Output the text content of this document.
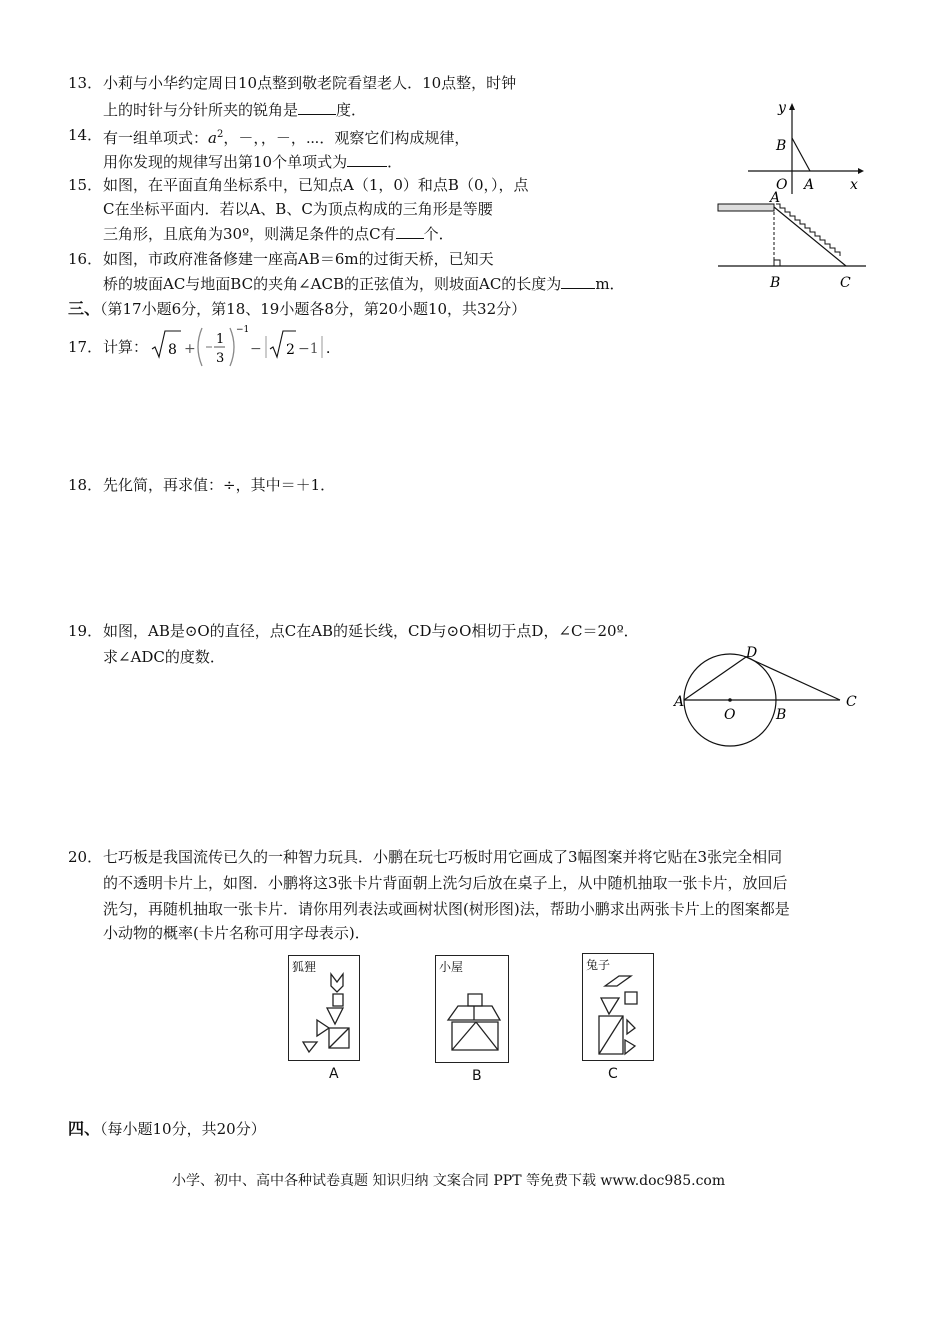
13． 小莉与小华约定周日10点整到敬老院看望老人．10点整，时钟
上的时针与分针所夹的锐角是	度．
14． 有一组单项式：$a^2$，－，，－，⋯．观察它们构成规律，
用你发现的规律写出第10个单项式为	．
15． 如图，在平面直角坐标系中，已知点A（1，0）和点B（0，），点
C在坐标平面内．若以A、B、C为顶点构成的三角形是等腰
三角形，且底角为30º，则满足条件的点C有 个．
16． 如图，市政府准备修建一座高AB＝6m的过街天桥，已知天
桥的坡面AC与地面BC的夹角∠ACB的正弦值为，则坡面AC的长度为 m．
y
x
O A
B
A
B	C
三、（第17小题6分，第18、19小题各8分，第20小题10，共32分）
17． 计算： 8 +
1
3
−1
− 2 −1 ．
18． 先化简，再求值：÷，其中＝＋1．
19． 如图，AB是⊙O的直径，点C在AB的延长线，CD与⊙O相切于点D，∠C＝20º．
求∠ADC的度数．
A
O	B
C
D
20． 七巧板是我国流传已久的一种智力玩具．小鹏在玩七巧板时用它画成了3幅图案并将它贴在3张完全相同
的不透明卡片上，如图．小鹏将这3张卡片背面朝上洗匀后放在桌子上，从中随机抽取一张卡片，放回后
洗匀，再随机抽取一张卡片．请你用列表法或画树状图(树形图)法，帮助小鹏求出两张卡片上的图案都是
小动物的概率(卡片名称可用字母表示)．
狐狸
A
小屋
B
兔子
C
四、（每小题10分，共20分）
小学、初中、高中各种试卷真题 知识归纳 文案合同 PPT 等免费下载 www.doc985.com
